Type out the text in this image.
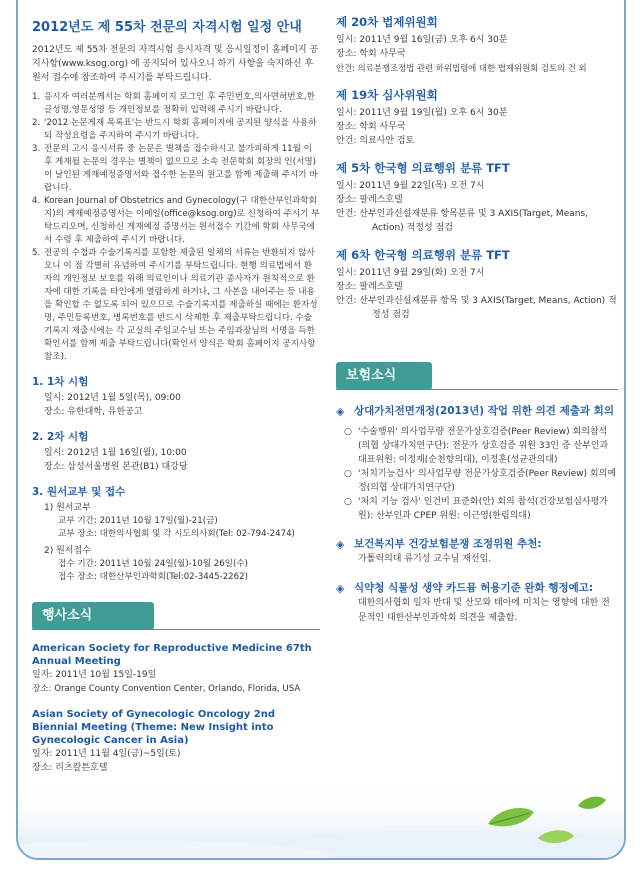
2012년도 제 55차 전문의 자격시험 일정 안내

2012년도 제 55차 전문의 자격시험 응시자격 및 응시일정이 홈페이지 공지사항(www.ksog.org) 에 공지되어 있사오니 하기 사항을 숙지하신 후 원서 접수에 참조하여 주시기를 부탁드립니다.

1. 응시자 여러분께서는 학회 홈페이지 로그인 후 주민번호,의사면허번호,한글성명,영문성명 등 개인정보를 정확히 입력해 주시기 바랍니다.
2. '2012 논문게재 목록표'는 반드시 학회 홈페이지에 공지된 양식을 사용하되 작성요령을 주지하여 주시기 바랍니다.
3. 전문의 고시 응시서류 중 논문은 별책을 접수하시고 불가피하게 11월 이후 게재될 논문의 경우는 별책이 없으므로 소속 전문학회 회장의 인(서명)이 날인된 게재예정증명서와 접수한 논문의 원고를 함께 제출해 주시기 바랍니다.
4. Korean Journal of Obstetrics and Gynecology(구 대한산부인과학회지)의 게재예정증명서는 이메일(office@ksog.org)로 신청하여 주시기 부탁드리오며, 신청하신 게재예정 증명서는 원서접수 기간에 학회 사무국에서 수령 후 제출하여 주시기 바랍니다.
5. 전공의 수첩과 수술기록지를 포함한 제출된 일체의 서류는 반환되지 않사오니 이 점 각별히 유념하여 주시기를 부탁드립니다. 현행 의료법에서 환자의 개인정보 보호를 위해 의료인이나 의료기관 종사자가 원칙적으로 환자에 대한 기록을 타인에게 열람하게 하거나, 그 사본을 내어주는 등 내용을 확인할 수 없도록 되어 있으므로 수술기록지를 제출하실 때에는 환자성명, 주민등록번호, 병록번호를 반드시 삭제한 후 제출부탁드립니다. 수술기록지 제출시에는 각 교실의 주임교수님 또는 주임과장님의 서명을 득한 확인서를 함께 제출 부탁드립니다(확인서 양식은 학회 홈페이지 공지사항 참조).
1. 1차 시험
일시: 2012년 1월 5일(목), 09:00
장소: 유한대학, 유한공고
2. 2차 시험
일시: 2012년 1월 16일(월), 10:00
장소: 삼성서울병원 본관(B1) 대강당
3. 원서교부 및 접수
1) 원서교부
교부 기간: 2011년 10월 17일(월)-21(금)
교부 장소: 대한의사협회 및 각 시도의사회(Tel: 02-794-2474)
2) 원서접수
접수 기간: 2011년 10월 24일(월)-10월 26일(수)
접수 장소: 대한산부인과학회(Tel:02-3445-2262)
행사소식
American Society for Reproductive Medicine 67th Annual Meeting
일자: 2011년 10월 15일-19일
장소: Orange County Convention Center, Orlando, Florida, USA
Asian Society of Gynecologic Oncology 2nd Biennial Meeting (Theme: New Insight into Gynecologic Cancer in Asia)
일자: 2011년 11월 4일(금)~5일(토)
장소: 리츠칼튼호텔
제 20차 법제위원회
일시: 2011년 9월 16일(금) 오후 6시 30분
장소: 학회 사무국
안건: 의료분쟁조정법 관련 하위법령에 대한 법제위원회 검토의 건 외
제 19차 심사위원회
일시: 2011년 9월 19일(월) 오후 6시 30분
장소: 학회 사무국
안건: 의료사안 검토
제 5차 한국형 의료행위 분류 TFT
일시: 2011년 9월 22일(목) 오전 7시
장소: 팔레스호텔
안건: 산부인과신설재분류 항목분류 및 3 AXIS(Target, Means, Action) 적정성 점검
제 6차 한국형 의료행위 분류 TFT
일시: 2011년 9월 29일(화) 오전 7시
장소: 팔레스호텔
안건: 산부인과신설재분류 항목 및 3 AXIS(Target, Means, Action) 적정성 점검
보험소식
◈ 상대가치전면개정(2013년) 작업 위한 의견 제출과 회의
○ '수술행위' 의사업무량 전문가상호검증(Peer Review) 회의참석(의협 상대가치연구단): 전문가 상호검증 위원 33인 중 산부인과 대표위원: 이정재(순천향의대), 이정훈(성균관의대)
○ '처치기능검사' 의사업무량 전문가상호검증(Peer Review) 회의예정(의협 상대가치연구단)
○ '처치 기능 검사' 인건비 표준화(안) 회의 참석(건강보험심사평가원): 산부인과 CPEP 위원: 이근영(한림의대)
◈ 보건복지부 건강보험분쟁 조정위원 추천:
가톨릭의대 류기성 교수님 재선임.
◈ 식약청 식물성 생약 카드뮴 허용기준 완화 행정예고:
대한의사협회 일차 반대 및 산모와 태아에 미치는 영향에 대한 전문적인 대한산부인과학회 의견을 제출함.
